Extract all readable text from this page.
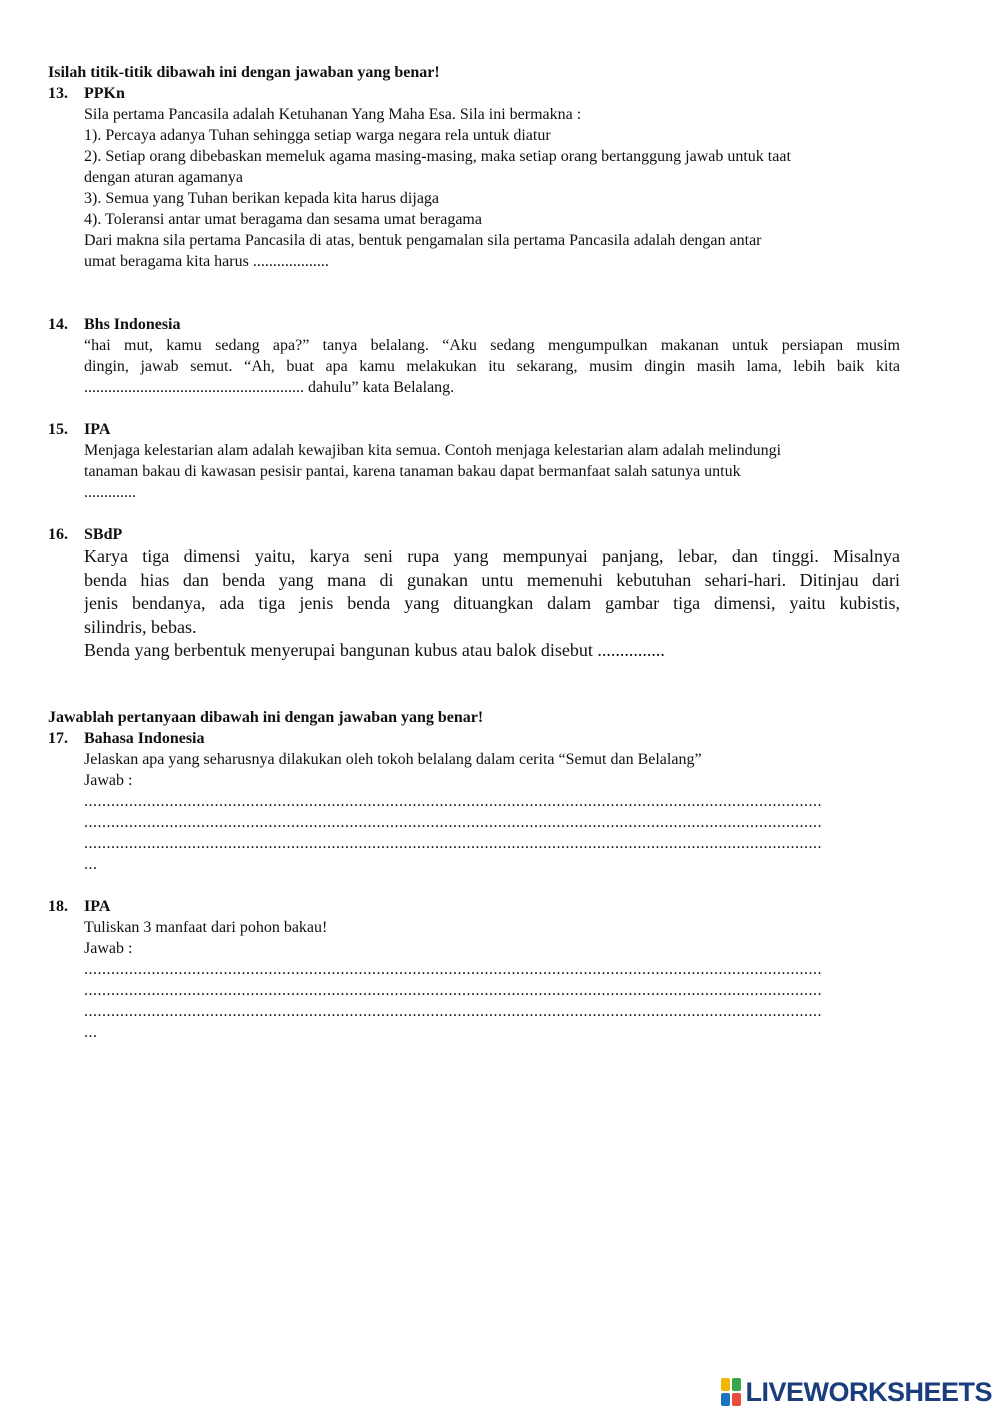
Isilah titik-titik dibawah ini dengan jawaban yang benar!
13.	PPKn
Sila pertama Pancasila adalah Ketuhanan Yang Maha Esa. Sila ini bermakna :
1). Percaya adanya Tuhan sehingga setiap warga negara rela untuk diatur
2). Setiap orang dibebaskan memeluk agama masing-masing, maka setiap orang bertanggung jawab untuk taat
dengan aturan agamanya
3). Semua yang Tuhan berikan kepada kita harus dijaga
4). Toleransi antar umat beragama dan sesama umat beragama
Dari makna sila pertama Pancasila di atas, bentuk pengamalan sila pertama Pancasila adalah dengan antar
umat beragama kita harus ...................
14.	Bhs Indonesia
“hai mut, kamu sedang apa?” tanya belalang. “Aku sedang mengumpulkan makanan untuk persiapan musim
dingin, jawab semut. “Ah, buat apa kamu melakukan itu sekarang, musim dingin masih lama, lebih baik kita
....................................................... dahulu” kata Belalang.
15.	IPA
Menjaga kelestarian alam adalah kewajiban kita semua. Contoh menjaga kelestarian alam adalah melindungi
tanaman bakau di kawasan pesisir pantai, karena tanaman bakau dapat bermanfaat salah satunya untuk
.............
16.	SBdP
Karya tiga dimensi yaitu, karya seni rupa yang mempunyai panjang, lebar, dan tinggi. Misalnya
benda hias dan benda yang mana di gunakan untu memenuhi kebutuhan sehari-hari. Ditinjau dari
jenis bendanya, ada tiga jenis benda yang dituangkan dalam gambar tiga dimensi, yaitu kubistis,
silindris, bebas.
Benda yang berbentuk menyerupai bangunan kubus atau balok disebut ...............
Jawablah pertanyaan dibawah ini dengan jawaban yang benar!
17.	Bahasa Indonesia
Jelaskan apa yang seharusnya dilakukan oleh tokoh belalang dalam cerita “Semut dan Belalang”
Jawab :
....................................................................................................................................................................
....................................................................................................................................................................
....................................................................................................................................................................
...
18.	IPA
Tuliskan 3 manfaat dari pohon bakau!
Jawab :
....................................................................................................................................................................
....................................................................................................................................................................
....................................................................................................................................................................
...
LIVEWORKSHEETS
